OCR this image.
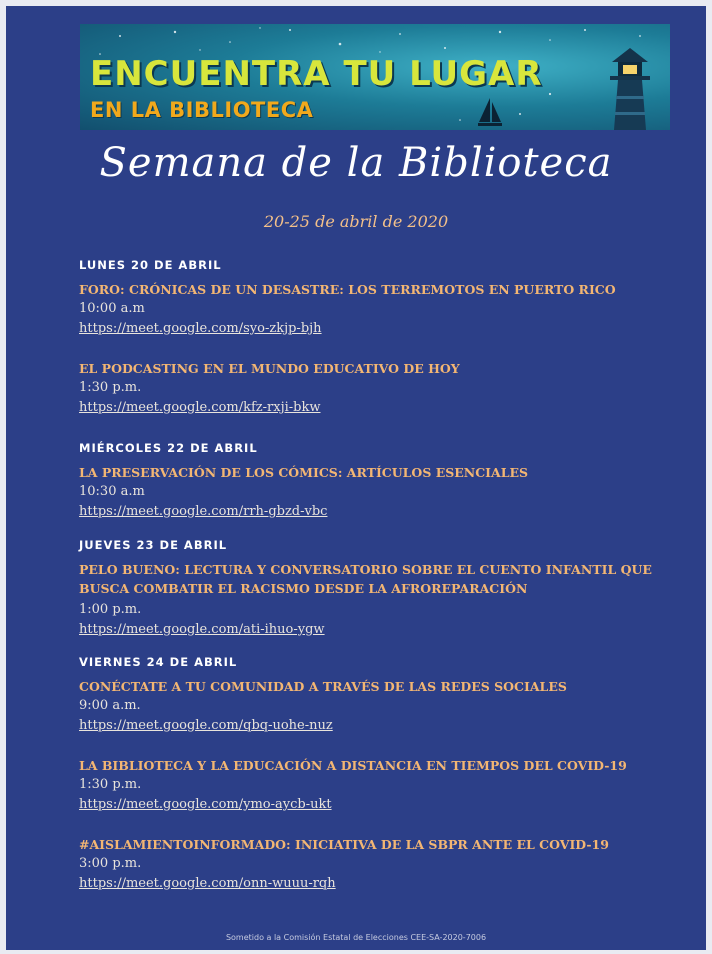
ENCUENTRA TU LUGAR
EN LA BIBLIOTECA
Semana de la Biblioteca
20-25 de abril de 2020
LUNES 20 DE ABRIL
FORO: CRÓNICAS DE UN DESASTRE: LOS TERREMOTOS EN PUERTO RICO
10:00 a.m
https://meet.google.com/syo-zkjp-bjh
EL PODCASTING EN EL MUNDO EDUCATIVO DE HOY
1:30 p.m.
https://meet.google.com/kfz-rxji-bkw
MIÉRCOLES 22 DE ABRIL
LA PRESERVACIÓN DE LOS CÓMICS: ARTÍCULOS ESENCIALES
10:30 a.m
https://meet.google.com/rrh-gbzd-vbc
JUEVES 23 DE ABRIL
PELO BUENO: LECTURA Y CONVERSATORIO SOBRE EL CUENTO INFANTIL QUE BUSCA COMBATIR EL RACISMO DESDE LA AFROREPARACIÓN
1:00 p.m.
https://meet.google.com/ati-ihuo-ygw
VIERNES 24 DE ABRIL
CONÉCTATE A TU COMUNIDAD A TRAVÉS DE LAS REDES SOCIALES
9:00 a.m.
https://meet.google.com/qbq-uohe-nuz
LA BIBLIOTECA Y LA EDUCACIÓN A DISTANCIA EN TIEMPOS DEL COVID-19
1:30 p.m.
https://meet.google.com/ymo-aycb-ukt
#AISLAMIENTOINFORMADO: INICIATIVA DE LA SBPR ANTE EL COVID-19
3:00 p.m.
https://meet.google.com/onn-wuuu-rqh
Sometido a la Comisión Estatal de Elecciones CEE-SA-2020-7006
